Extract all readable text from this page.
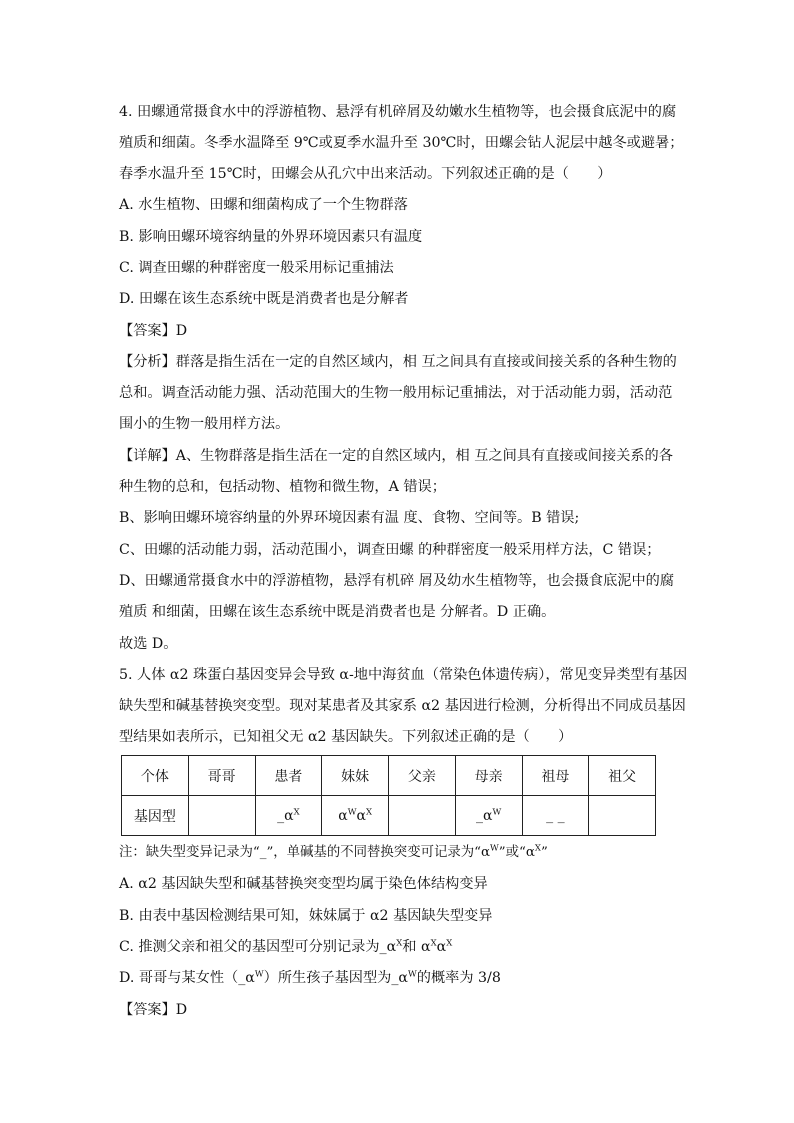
4. 田螺通常摄食水中的浮游植物、悬浮有机碎屑及幼嫩水生植物等，也会摄食底泥中的腐
殖质和细菌。冬季水温降至 9℃或夏季水温升至 30℃时，田螺会钻人泥层中越冬或避暑；
春季水温升至 15℃时，田螺会从孔穴中出来活动。下列叙述正确的是（　　）
A. 水生植物、田螺和细菌构成了一个生物群落
B. 影响田螺环境容纳量的外界环境因素只有温度
C. 调查田螺的种群密度一般采用标记重捕法
D. 田螺在该生态系统中既是消费者也是分解者
【答案】D
【分析】群落是指生活在一定的自然区域内，相 互之间具有直接或间接关系的各种生物的
总和。调查活动能力强、活动范围大的生物一般用标记重捕法，对于活动能力弱，活动范
围小的生物一般用样方法。
【详解】A、生物群落是指生活在一定的自然区域内，相 互之间具有直接或间接关系的各
种生物的总和，包括动物、植物和微生物，A 错误；
B、影响田螺环境容纳量的外界环境因素有温 度、食物、空间等。B 错误;
C、田螺的活动能力弱，活动范围小，调查田螺 的种群密度一般采用样方法，C 错误；
D、田螺通常摄食水中的浮游植物，悬浮有机碎 屑及幼水生植物等，也会摄食底泥中的腐
殖质 和细菌，田螺在该生态系统中既是消费者也是 分解者。D 正确。
故选 D。
5. 人体 α2 珠蛋白基因变异会导致 α-地中海贫血（常染色体遗传病），常见变异类型有基因
缺失型和碱基替换突变型。现对某患者及其家系 α2 基因进行检测，分析得出不同成员基因
型结果如表所示，已知祖父无 α2 基因缺失。下列叙述正确的是（　　）
个体	哥哥	患者	妹妹	父亲	母亲	祖母	祖父
基因型		$\_\alpha^X$	$\alpha^W\alpha^X$		$\_\alpha^W$	_ _	
注：缺失型变异记录为“_”，单碱基的不同替换突变可记录为“$\alpha^W$”或“$\alpha^X$”
A. α2 基因缺失型和碱基替换突变型均属于染色体结构变异
B. 由表中基因检测结果可知，妹妹属于 α2 基因缺失型变异
C. 推测父亲和祖父的基因型可分别记录为$\_\alpha^X$和 $\alpha^X\alpha^X$
D. 哥哥与某女性$(\_\alpha^W)$所生孩子基因型为$\_\alpha^W$的概率为 3/8
【答案】D
